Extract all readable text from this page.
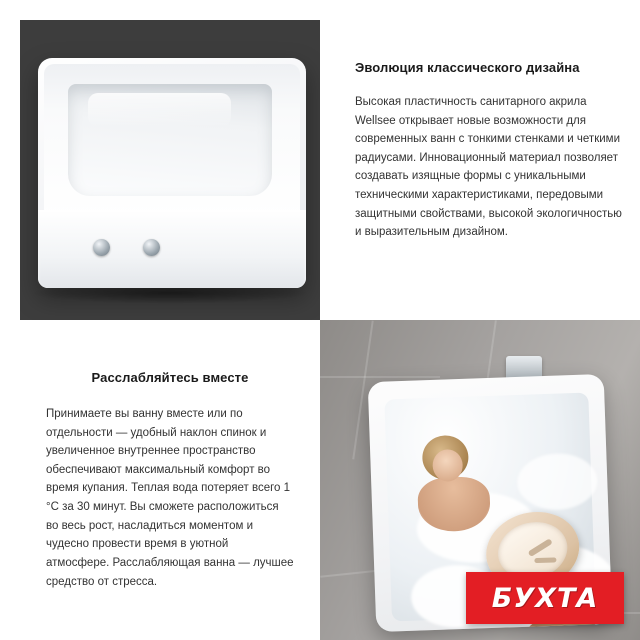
Эволюция классического дизайна

Высокая пластичность санитарного акрила Wellsee открывает новые возможности для современных ванн с тонкими стенками и четкими радиусами. Инновационный материал позволяет создавать изящные формы с уникальными техническими характеристиками, передовыми защитными свойствами, высокой экологичностью и выразительным дизайном.

Расслабляйтесь вместе

Принимаете вы ванну вместе или по отдельности — удобный наклон спинок и увеличенное внутреннее пространство обеспечивают максимальный комфорт во время купания. Теплая вода потеряет всего 1 °C за 30 минут. Вы сможете расположиться во весь рост, насладиться моментом и чудесно провести время в уютной атмосфере. Расслабляющая ванна — лучшее средство от стресса.

БУХТА
